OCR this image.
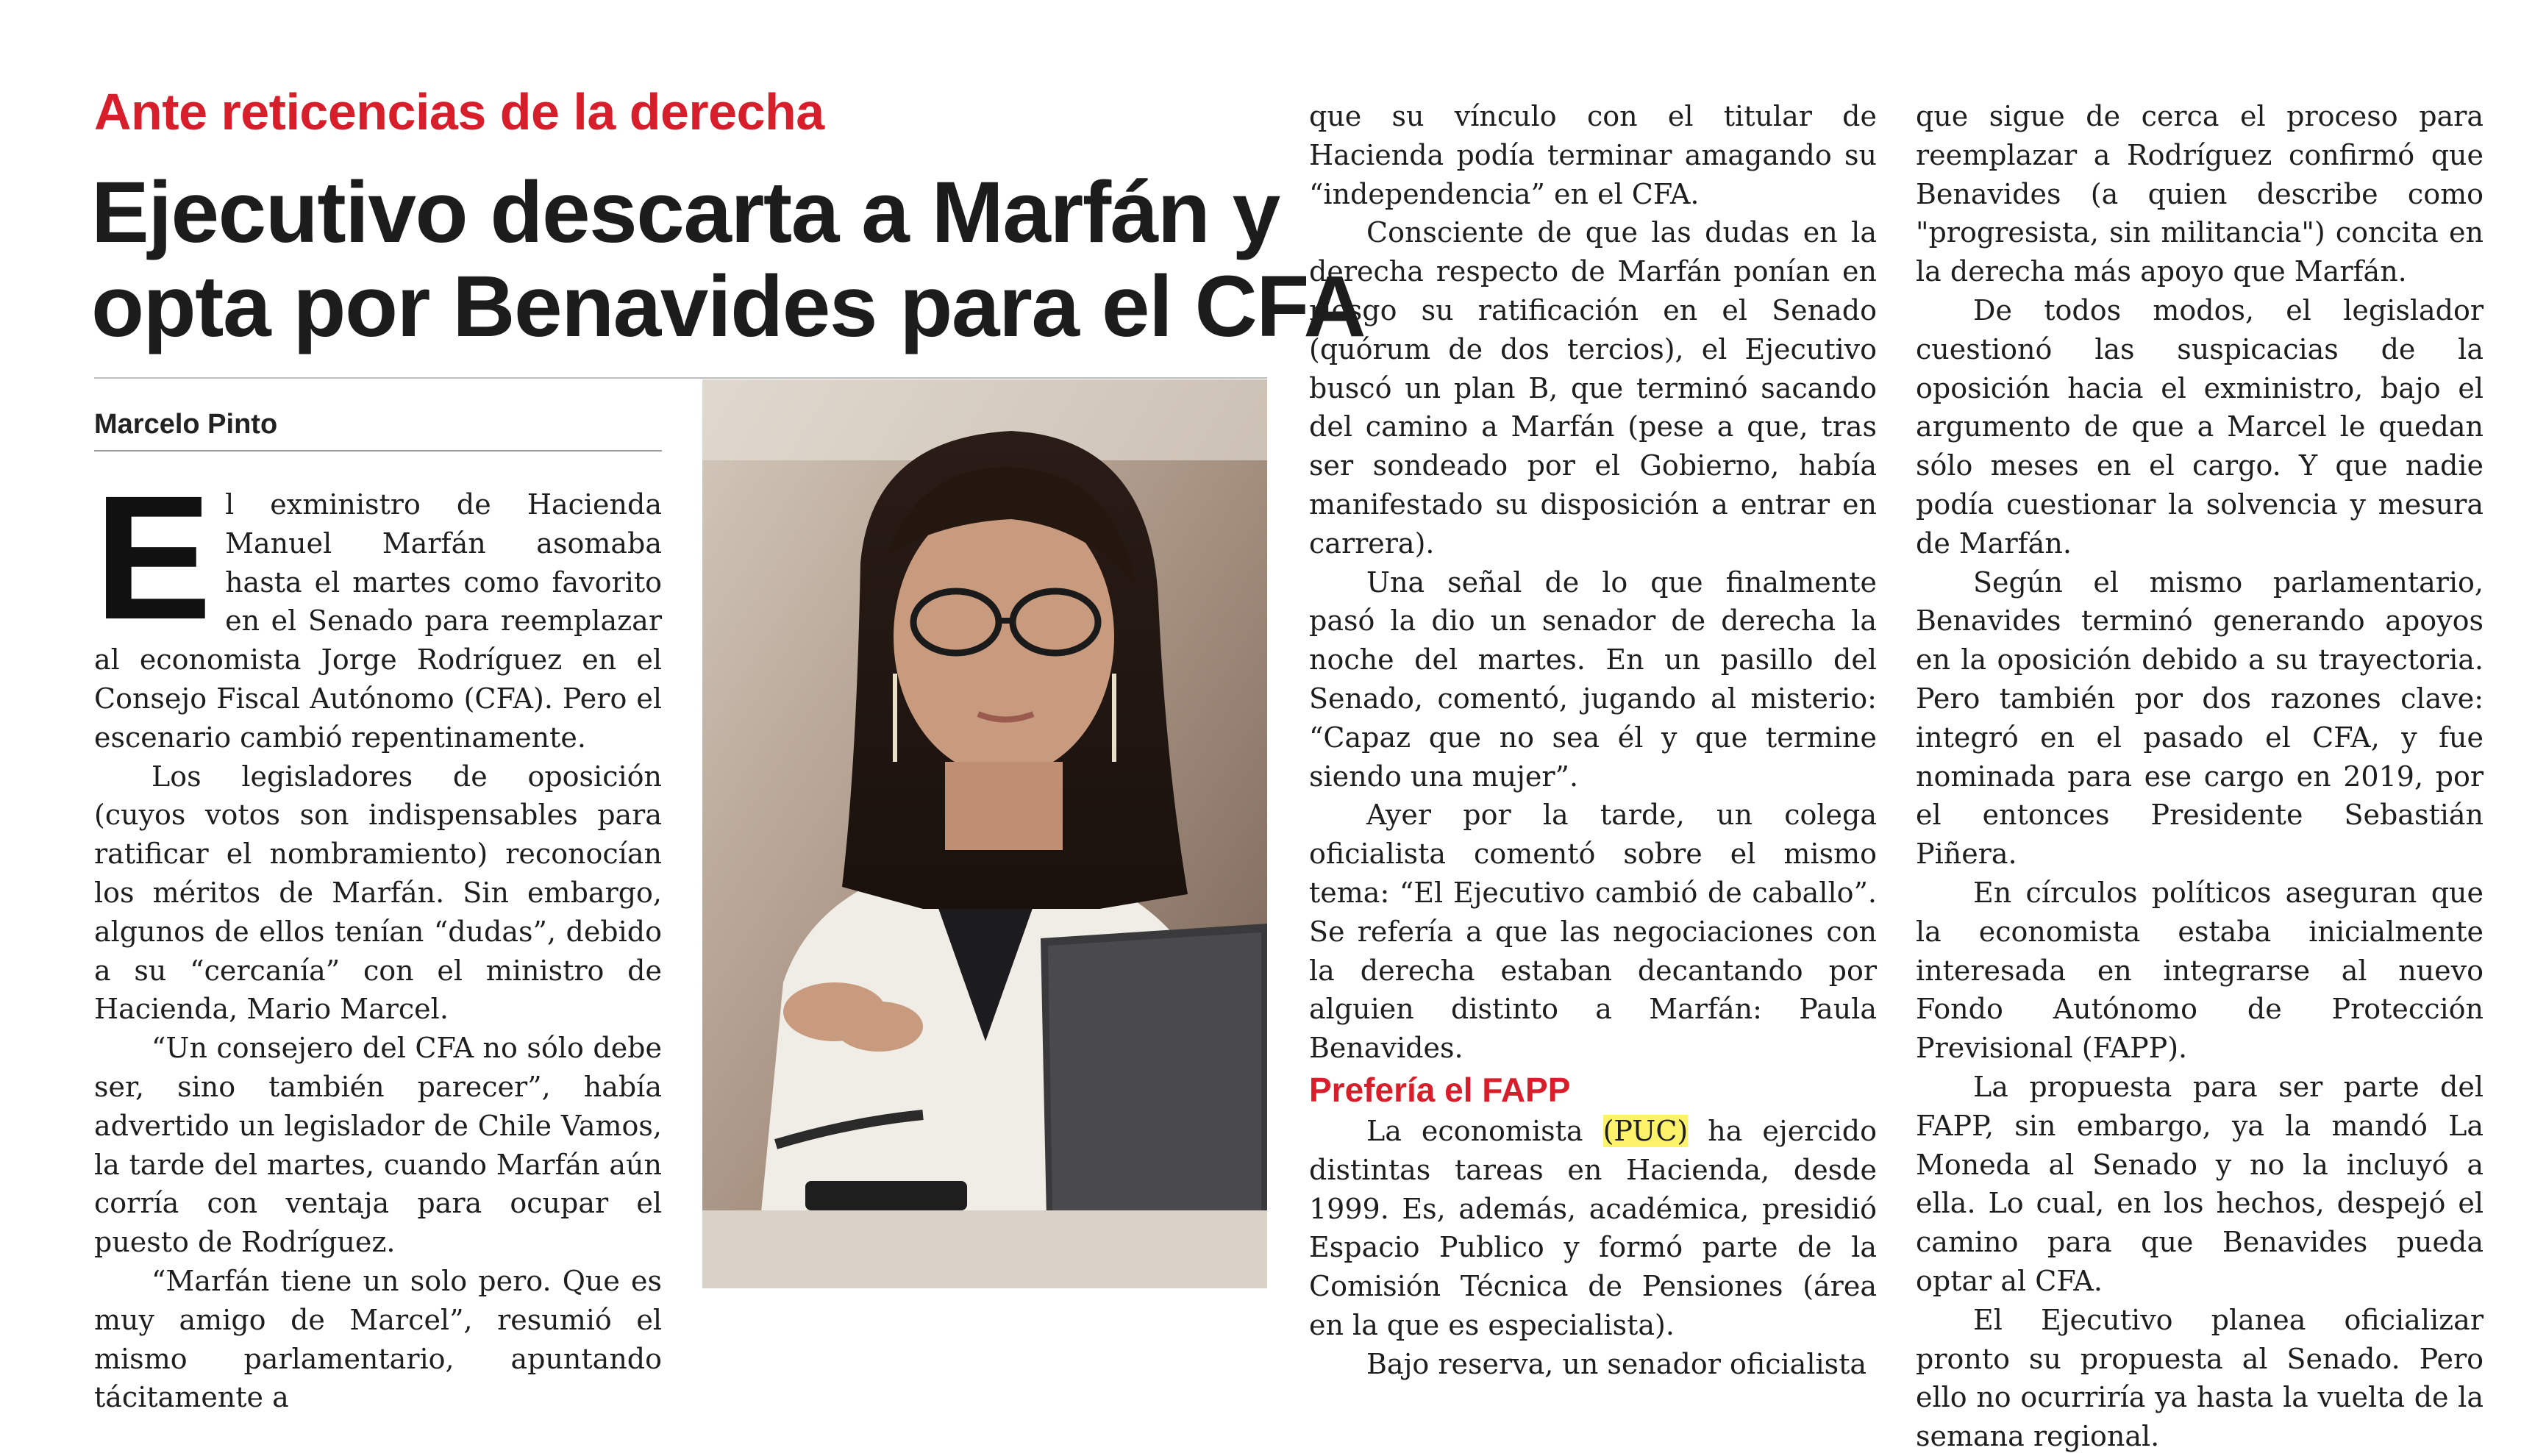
Ante reticencias de la derecha
Ejecutivo descarta a Marfán y
opta por Benavides para el CFA
Marcelo Pinto

El exministro de Hacienda Manuel Marfán asomaba hasta el martes como favorito en el Senado para reemplazar al economista Jorge Rodríguez en el Consejo Fiscal Autónomo (CFA). Pero el escenario cambió repentinamente.

Los legisladores de oposición (cuyos votos son indispensables para ratificar el nombramiento) reconocían los méritos de Marfán. Sin embargo, algunos de ellos tenían “dudas”, debido a su “cercanía” con el ministro de Hacienda, Mario Marcel.

“Un consejero del CFA no sólo debe ser, sino también parecer”, había advertido un legislador de Chile Vamos, la tarde del martes, cuando Marfán aún corría con ventaja para ocupar el puesto de Rodríguez.

“Marfán tiene un solo pero. Que es muy amigo de Marcel”, resumió el mismo parlamentario, apuntando tácitamente a

que su vínculo con el titular de Hacienda podía terminar amagando su “independencia” en el CFA.

Consciente de que las dudas en la derecha respecto de Marfán ponían en riesgo su ratificación en el Senado (quórum de dos tercios), el Ejecutivo buscó un plan B, que terminó sacando del camino a Marfán (pese a que, tras ser sondeado por el Gobierno, había manifestado su disposición a entrar en carrera).

Una señal de lo que finalmente pasó la dio un senador de derecha la noche del martes. En un pasillo del Senado, comentó, jugando al misterio: “Capaz que no sea él y que termine siendo una mujer”.

Ayer por la tarde, un colega oficialista comentó sobre el mismo tema: “El Ejecutivo cambió de caballo”. Se refería a que las negociaciones con la derecha estaban decantando por alguien distinto a Marfán: Paula Benavides.

Prefería el FAPP

La economista (PUC) ha ejercido distintas tareas en Hacienda, desde 1999. Es, además, académica, presidió Espacio Publico y formó parte de la Comisión Técnica de Pensiones (área en la que es especialista).

Bajo reserva, un senador oficialista

que sigue de cerca el proceso para reemplazar a Rodríguez confirmó que Benavides (a quien describe como "progresista, sin militancia") concita en la derecha más apoyo que Marfán.

De todos modos, el legislador cuestionó las suspicacias de la oposición hacia el exministro, bajo el argumento de que a Marcel le quedan sólo meses en el cargo. Y que nadie podía cuestionar la solvencia y mesura de Marfán.

Según el mismo parlamentario, Benavides terminó generando apoyos en la oposición debido a su trayectoria. Pero también por dos razones clave: integró en el pasado el CFA, y fue nominada para ese cargo en 2019, por el entonces Presidente Sebastián Piñera.

En círculos políticos aseguran que la economista estaba inicialmente interesada en integrarse al nuevo Fondo Autónomo de Protección Previsional (FAPP).

La propuesta para ser parte del FAPP, sin embargo, ya la mandó La Moneda al Senado y no la incluyó a ella. Lo cual, en los hechos, despejó el camino para que Benavides pueda optar al CFA.

El Ejecutivo planea oficializar pronto su propuesta al Senado. Pero ello no ocurriría ya hasta la vuelta de la semana regional.
